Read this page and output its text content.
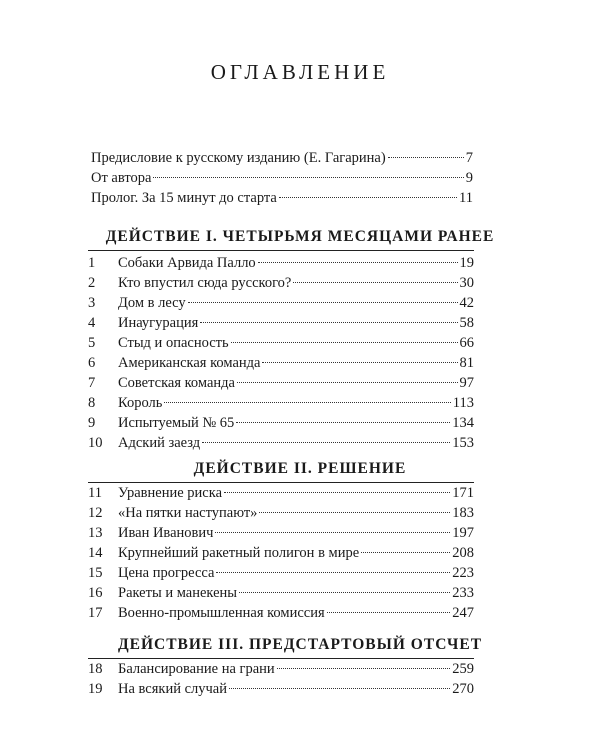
ОГЛАВЛЕНИЕ
Предисловие к русскому изданию (Е. Гагарина)	7
От автора	9
Пролог. За 15 минут до старта	11
ДЕЙСТВИЕ I. ЧЕТЫРЬМЯ МЕСЯЦАМИ РАНЕЕ
1	Собаки Арвида Палло	19
2	Кто впустил сюда русского?	30
3	Дом в лесу	42
4	Инаугурация	58
5	Стыд и опасность	66
6	Американская команда	81
7	Советская команда	97
8	Король	113
9	Испытуемый № 65	134
10	Адский заезд	153
ДЕЙСТВИЕ II. РЕШЕНИЕ
11	Уравнение риска	171
12	«На пятки наступают»	183
13	Иван Иванович	197
14	Крупнейший ракетный полигон в мире	208
15	Цена прогресса	223
16	Ракеты и манекены	233
17	Военно-промышленная комиссия	247
ДЕЙСТВИЕ III. ПРЕДСТАРТОВЫЙ ОТСЧЕТ
18	Балансирование на грани	259
19	На всякий случай	270
